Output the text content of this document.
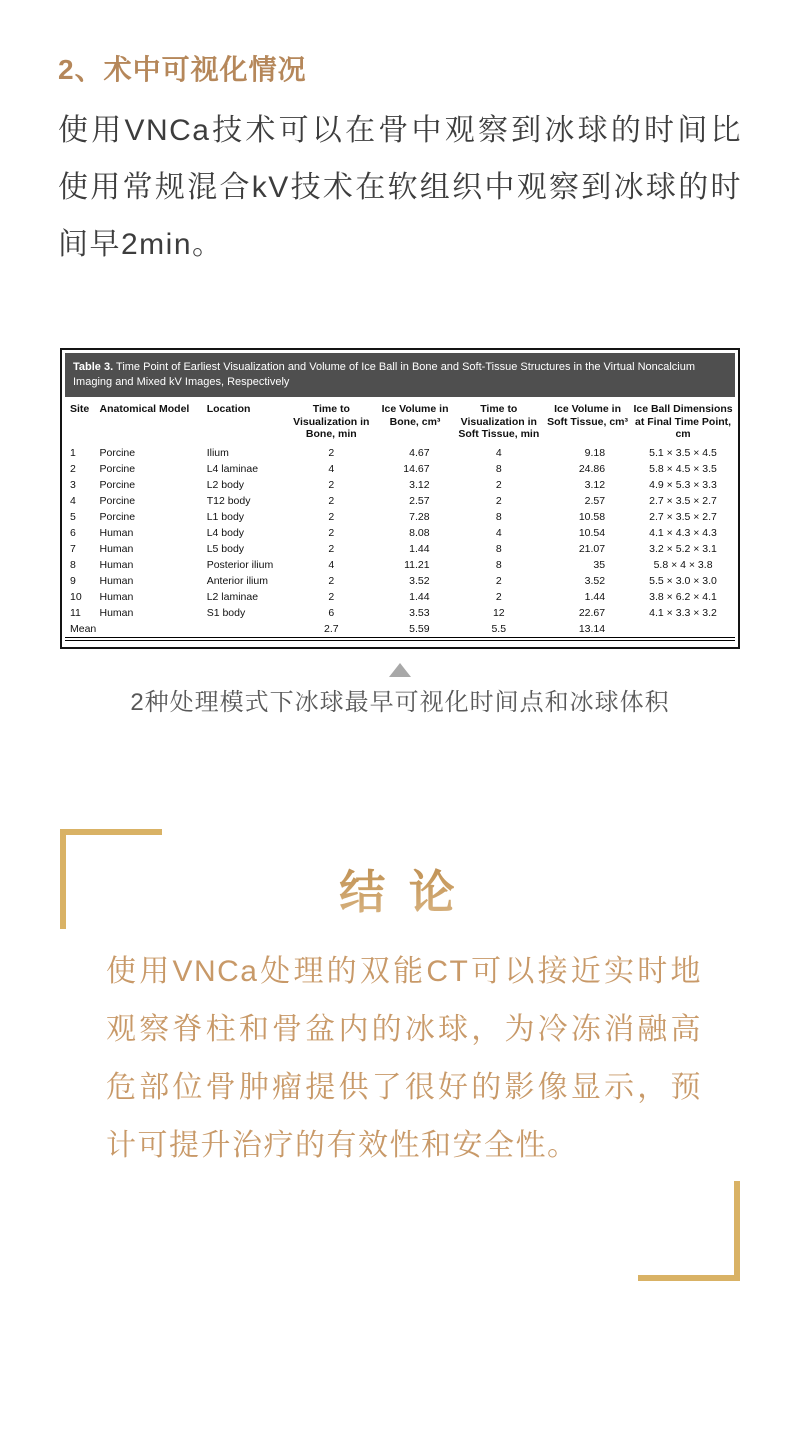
2、术中可视化情况

使用VNCa技术可以在骨中观察到冰球的时间比使用常规混合kV技术在软组织中观察到冰球的时间早2min。

Table 3. Time Point of Earliest Visualization and Volume of Ice Ball in Bone and Soft-Tissue Structures in the Virtual Noncalcium Imaging and Mixed kV Images, Respectively
Site	Anatomical Model	Location	Time to Visualization in Bone, min	Ice Volume in Bone, cm³	Time to Visualization in Soft Tissue, min	Ice Volume in Soft Tissue, cm³	Ice Ball Dimensions at Final Time Point, cm
1	Porcine	Ilium	2	4.67	4	9.18	5.1 × 3.5 × 4.5
2	Porcine	L4 laminae	4	14.67	8	24.86	5.8 × 4.5 × 3.5
3	Porcine	L2 body	2	3.12	2	3.12	4.9 × 5.3 × 3.3
4	Porcine	T12 body	2	2.57	2	2.57	2.7 × 3.5 × 2.7
5	Porcine	L1 body	2	7.28	8	10.58	2.7 × 3.5 × 2.7
6	Human	L4 body	2	8.08	4	10.54	4.1 × 4.3 × 4.3
7	Human	L5 body	2	1.44	8	21.07	3.2 × 5.2 × 3.1
8	Human	Posterior ilium	4	11.21	8	35	5.8 × 4 × 3.8
9	Human	Anterior ilium	2	3.52	2	3.52	5.5 × 3.0 × 3.0
10	Human	L2 laminae	2	1.44	2	1.44	3.8 × 6.2 × 4.1
11	Human	S1 body	6	3.53	12	22.67	4.1 × 3.3 × 3.2
Mean			2.7	5.59	5.5	13.14	
2种处理模式下冰球最早可视化时间点和冰球体积
结 论

使用VNCa处理的双能CT可以接近实时地观察脊柱和骨盆内的冰球，为冷冻消融高危部位骨肿瘤提供了很好的影像显示，预计可提升治疗的有效性和安全性。
